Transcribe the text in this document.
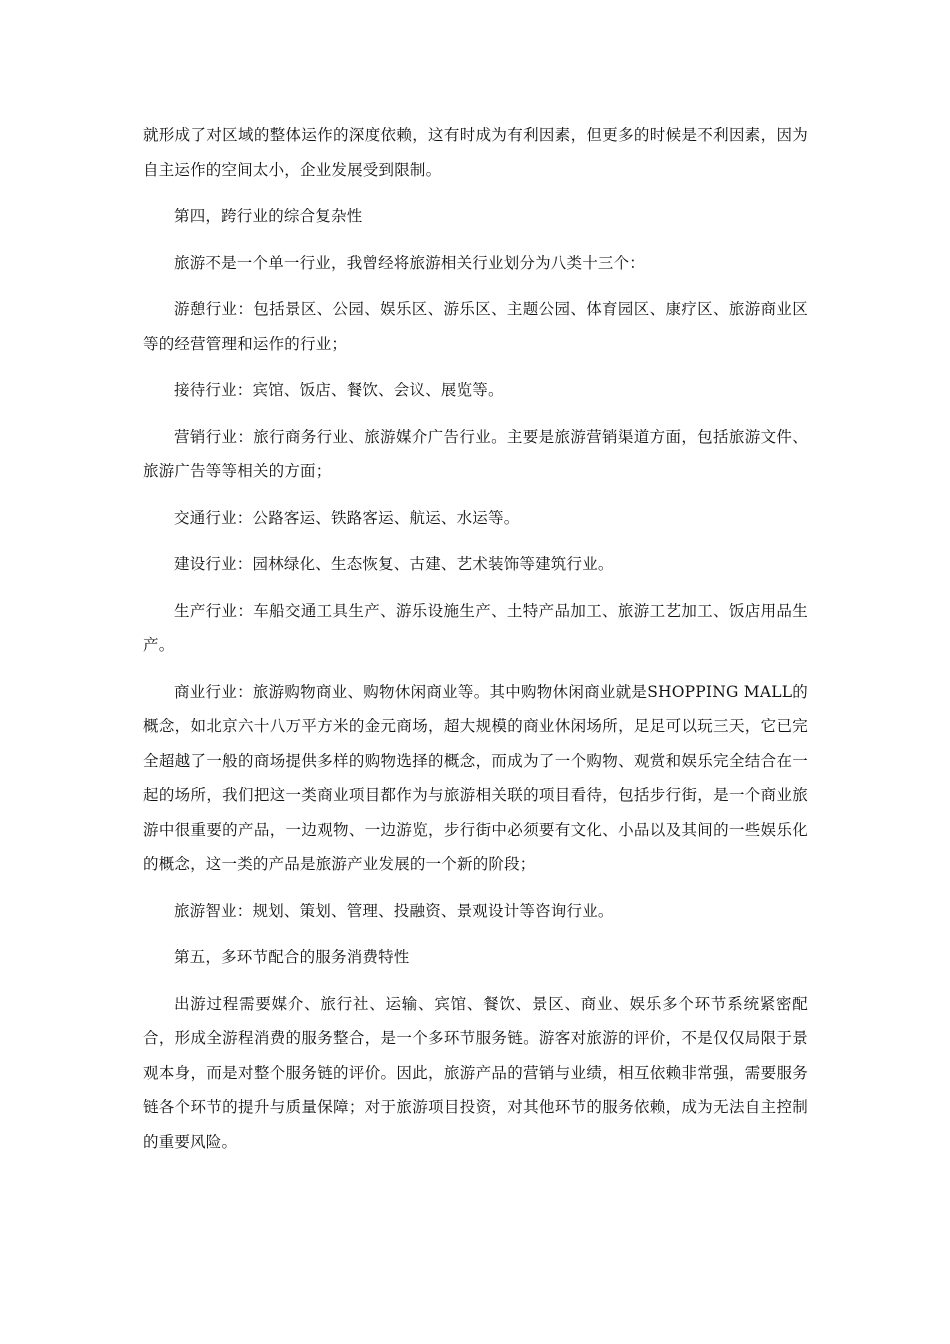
就形成了对区域的整体运作的深度依赖，这有时成为有利因素，但更多的时候是不利因素，因为自主运作的空间太小，企业发展受到限制。

第四，跨行业的综合复杂性

旅游不是一个单一行业，我曾经将旅游相关行业划分为八类十三个：

游憩行业：包括景区、公园、娱乐区、游乐区、主题公园、体育园区、康疗区、旅游商业区等的经营管理和运作的行业；

接待行业：宾馆、饭店、餐饮、会议、展览等。

营销行业：旅行商务行业、旅游媒介广告行业。主要是旅游营销渠道方面，包括旅游文件、旅游广告等等相关的方面；

交通行业：公路客运、铁路客运、航运、水运等。

建设行业：园林绿化、生态恢复、古建、艺术装饰等建筑行业。

生产行业：车船交通工具生产、游乐设施生产、土特产品加工、旅游工艺加工、饭店用品生产。

商业行业：旅游购物商业、购物休闲商业等。其中购物休闲商业就是SHOPPING MALL的概念，如北京六十八万平方米的金元商场，超大规模的商业休闲场所，足足可以玩三天，它已完全超越了一般的商场提供多样的购物选择的概念，而成为了一个购物、观赏和娱乐完全结合在一起的场所，我们把这一类商业项目都作为与旅游相关联的项目看待，包括步行街，是一个商业旅游中很重要的产品，一边观物、一边游览，步行街中必须要有文化、小品以及其间的一些娱乐化的概念，这一类的产品是旅游产业发展的一个新的阶段；

旅游智业：规划、策划、管理、投融资、景观设计等咨询行业。

第五，多环节配合的服务消费特性

出游过程需要媒介、旅行社、运输、宾馆、餐饮、景区、商业、娱乐多个环节系统紧密配合，形成全游程消费的服务整合，是一个多环节服务链。游客对旅游的评价，不是仅仅局限于景观本身，而是对整个服务链的评价。因此，旅游产品的营销与业绩，相互依赖非常强，需要服务链各个环节的提升与质量保障；对于旅游项目投资，对其他环节的服务依赖，成为无法自主控制的重要风险。
